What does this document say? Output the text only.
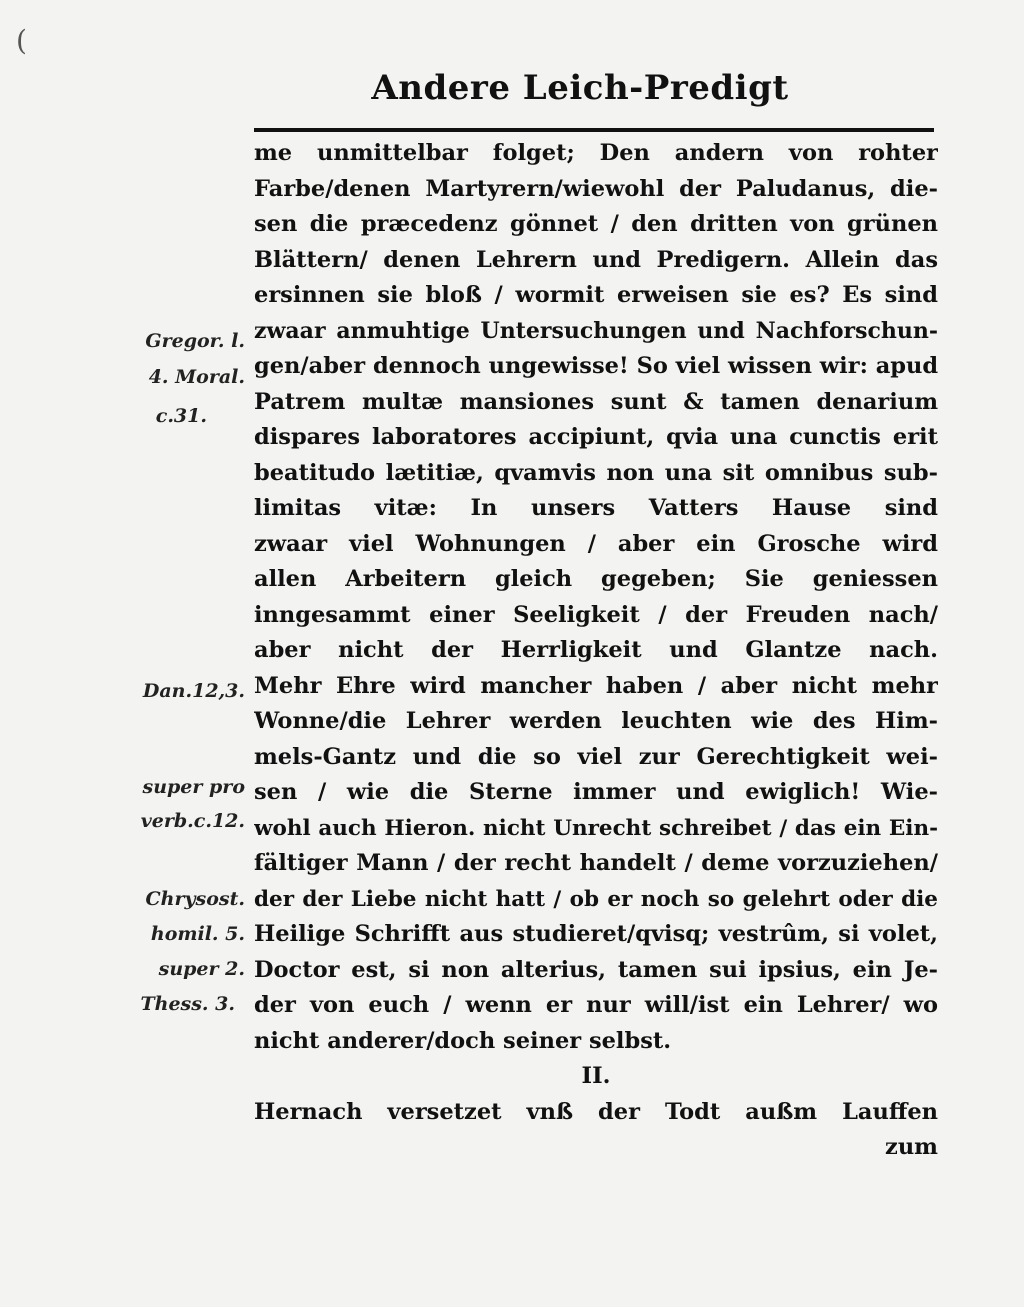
(
Andere Leich-Predigt
me unmittelbar folget; Den andern von rohter
Farbe/denen Martyrern/wiewohl der Paludanus, die-
sen die præcedenz gönnet / den dritten von grünen
Blättern/ denen Lehrern und Predigern. Allein das
ersinnen sie bloß / wormit erweisen sie es? Es sind
zwaar anmuhtige Untersuchungen und Nachforschun-
gen/aber dennoch ungewisse! So viel wissen wir: apud
Patrem multæ mansiones sunt & tamen denarium
dispares laboratores accipiunt, qvia una cunctis erit
beatitudo lætitiæ, qvamvis non una sit omnibus sub-
limitas vitæ: In unsers Vatters Hause sind
zwaar viel Wohnungen / aber ein Grosche wird
allen Arbeitern gleich gegeben; Sie geniessen
inngesammt einer Seeligkeit / der Freuden nach/
aber nicht der Herrligkeit und Glantze nach.
Mehr Ehre wird mancher haben / aber nicht mehr
Wonne/die Lehrer werden leuchten wie des Him-
mels-Gantz und die so viel zur Gerechtigkeit wei-
sen / wie die Sterne immer und ewiglich! Wie-
wohl auch Hieron. nicht Unrecht schreibet / das ein Ein-
fältiger Mann / der recht handelt / deme vorzuziehen/
der der Liebe nicht hatt / ob er noch so gelehrt oder die
Heilige Schrifft aus studieret/qvisq; vestrûm, si volet,
Doctor est, si non alterius, tamen sui ipsius, ein Je-
der von euch / wenn er nur will/ist ein Lehrer/ wo
nicht anderer/doch seiner selbst.
II.
Hernach versetzet vnß der Todt außm Lauffen
zum
Gregor. l.
4. Moral.
c.31.
Dan.12,3.
super pro
verb.c.12.
Chrysost.
homil. 5.
super 2.
Thess. 3.
